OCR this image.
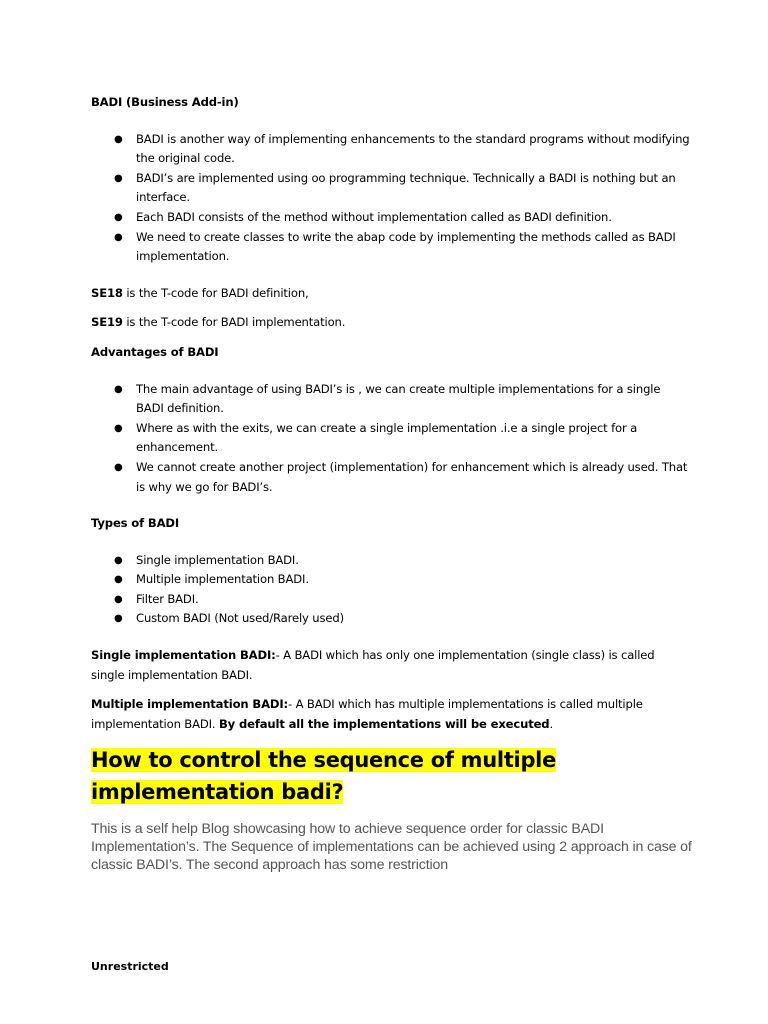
BADI (Business Add-in)

● BADI is another way of implementing enhancements to the standard programs without modifying the original code.
● BADI’s are implemented using oo programming technique. Technically a BADI is nothing but an interface.
● Each BADI consists of the method without implementation called as BADI definition.
● We need to create classes to write the abap code by implementing the methods called as BADI implementation.

SE18 is the T-code for BADI definition,

SE19 is the T-code for BADI implementation.

Advantages of BADI

● The main advantage of using BADI’s is , we can create multiple implementations for a single BADI definition.
● Where as with the exits, we can create a single implementation .i.e a single project for a enhancement.
● We cannot create another project (implementation) for enhancement which is already used. That is why we go for BADI’s.

Types of BADI

● Single implementation BADI.
● Multiple implementation BADI.
● Filter BADI.
● Custom BADI (Not used/Rarely used)

Single implementation BADI:- A BADI which has only one implementation (single class) is called single implementation BADI.

Multiple implementation BADI:- A BADI which has multiple implementations is called multiple implementation BADI. By default all the implementations will be executed.

How to control the sequence of multiple implementation badi?

This is a self help Blog showcasing how to achieve sequence order for classic BADI Implementation’s. The Sequence of implementations can be achieved using 2 approach in case of classic BADI’s. The second approach has some restriction

Unrestricted
